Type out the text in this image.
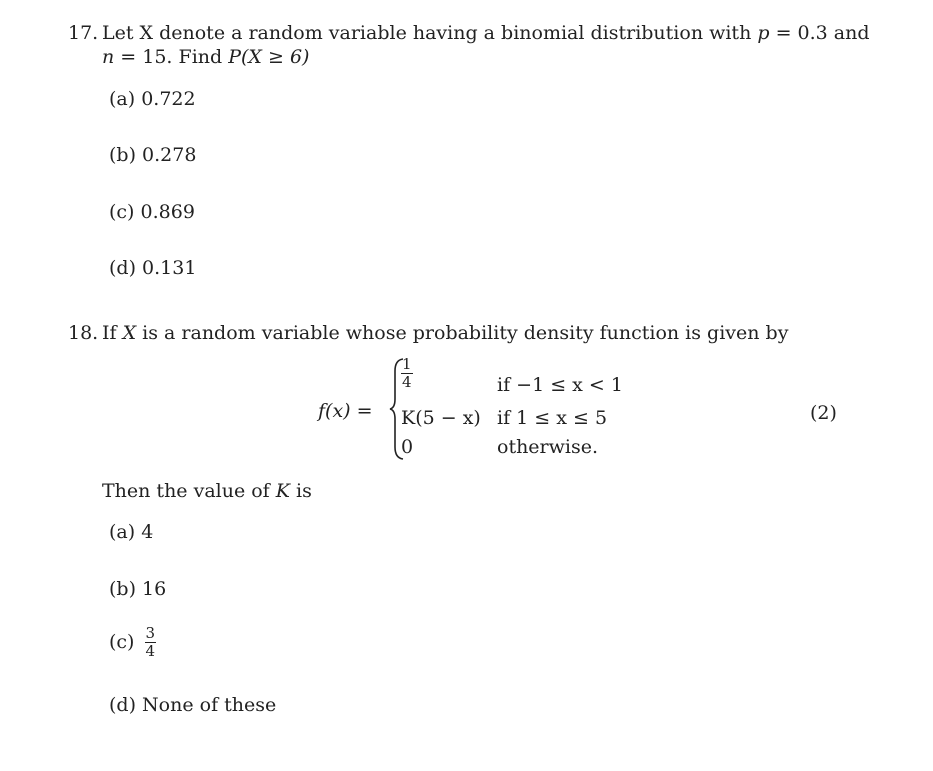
17. Let X denote a random variable having a binomial distribution with p = 0.3 and
n = 15. Find P(X ≥ 6)
(a) 0.722
(b) 0.278
(c) 0.869
(d) 0.131
18. If X is a random variable whose probability density function is given by
f(x) =
$\frac{1}{4}$	if −1 ≤ x < 1
K(5 − x) if 1 ≤ x ≤ 5
0	otherwise.
(2)
Then the value of K is
(a) 4
(b) 16
$(c) \frac{3}{4}$
(d) None of these
